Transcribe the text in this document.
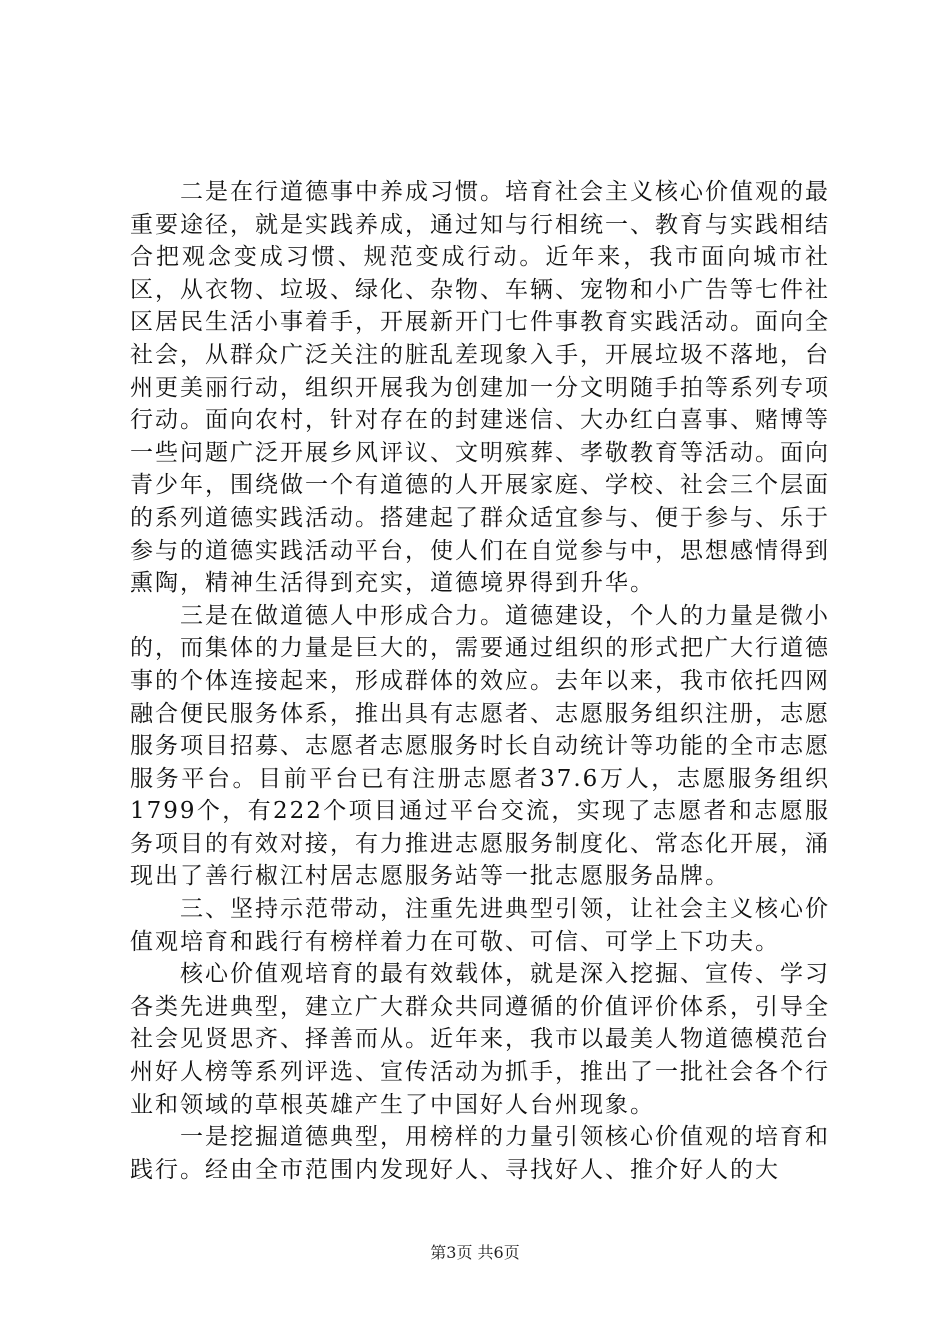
二是在行道德事中养成习惯。培育社会主义核心价值观的最重要途径，就是实践养成，通过知与行相统一、教育与实践相结合把观念变成习惯、规范变成行动。近年来，我市面向城市社区，从衣物、垃圾、绿化、杂物、车辆、宠物和小广告等七件社区居民生活小事着手，开展新开门七件事教育实践活动。面向全社会，从群众广泛关注的脏乱差现象入手，开展垃圾不落地，台州更美丽行动，组织开展我为创建加一分文明随手拍等系列专项行动。面向农村，针对存在的封建迷信、大办红白喜事、赌博等一些问题广泛开展乡风评议、文明殡葬、孝敬教育等活动。面向青少年，围绕做一个有道德的人开展家庭、学校、社会三个层面的系列道德实践活动。搭建起了群众适宜参与、便于参与、乐于参与的道德实践活动平台，使人们在自觉参与中，思想感情得到熏陶，精神生活得到充实，道德境界得到升华。

三是在做道德人中形成合力。道德建设，个人的力量是微小的，而集体的力量是巨大的，需要通过组织的形式把广大行道德事的个体连接起来，形成群体的效应。去年以来，我市依托四网融合便民服务体系，推出具有志愿者、志愿服务组织注册，志愿服务项目招募、志愿者志愿服务时长自动统计等功能的全市志愿服务平台。目前平台已有注册志愿者37.6万人，志愿服务组织1799个，有222个项目通过平台交流，实现了志愿者和志愿服务项目的有效对接，有力推进志愿服务制度化、常态化开展，涌现出了善行椒江村居志愿服务站等一批志愿服务品牌。

三、坚持示范带动，注重先进典型引领，让社会主义核心价值观培育和践行有榜样着力在可敬、可信、可学上下功夫。

核心价值观培育的最有效载体，就是深入挖掘、宣传、学习各类先进典型，建立广大群众共同遵循的价值评价体系，引导全社会见贤思齐、择善而从。近年来，我市以最美人物道德模范台州好人榜等系列评选、宣传活动为抓手，推出了一批社会各个行业和领域的草根英雄产生了中国好人台州现象。

一是挖掘道德典型，用榜样的力量引领核心价值观的培育和践行。经由全市范围内发现好人、寻找好人、推介好人的大

第3页 共6页
